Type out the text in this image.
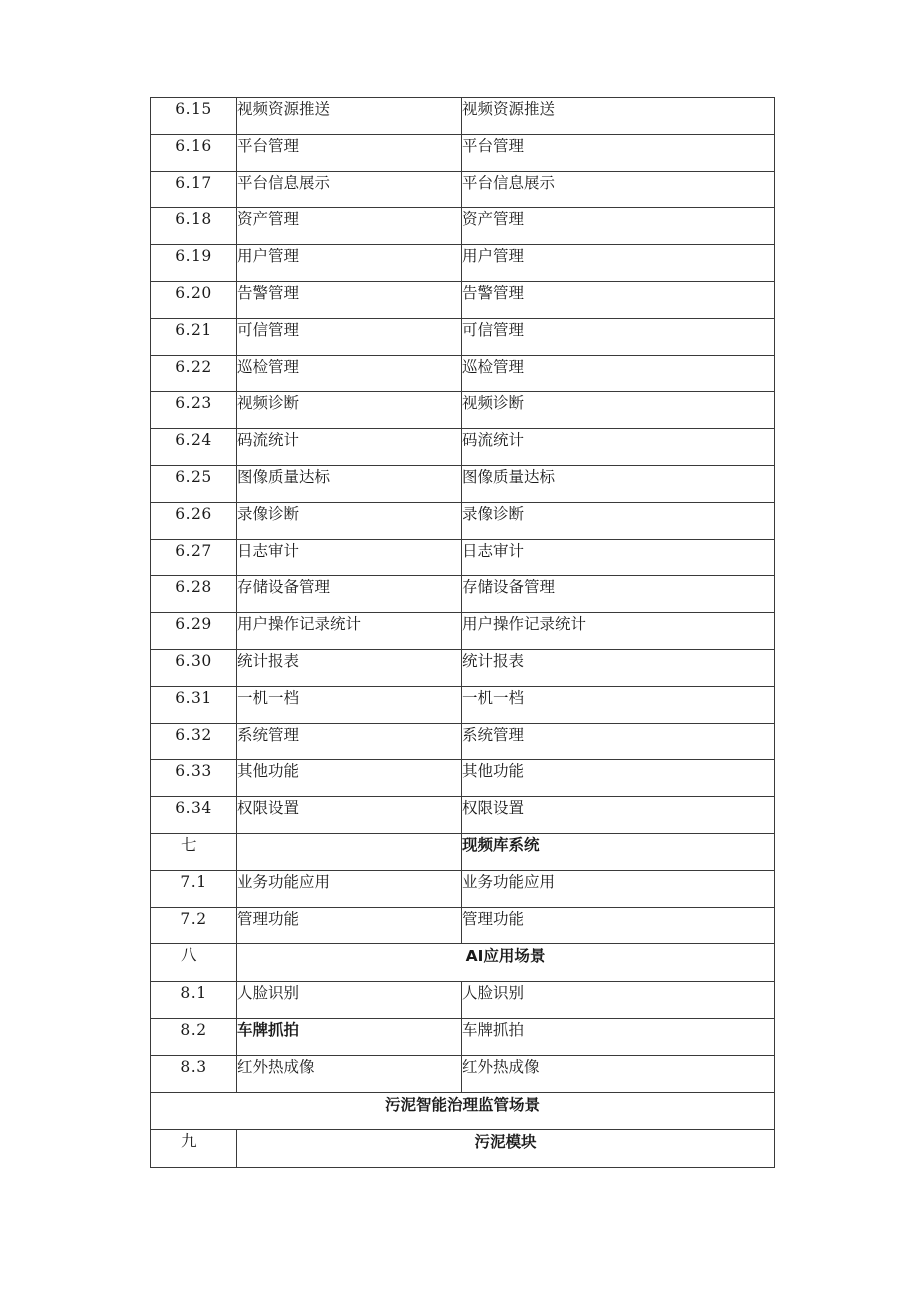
6.15	视频资源推送	视频资源推送
6.16	平台管理	平台管理
6.17	平台信息展示	平台信息展示
6.18	资产管理	资产管理
6.19	用户管理	用户管理
6.20	告警管理	告警管理
6.21	可信管理	可信管理
6.22	巡检管理	巡检管理
6.23	视频诊断	视频诊断
6.24	码流统计	码流统计
6.25	图像质量达标	图像质量达标
6.26	录像诊断	录像诊断
6.27	日志审计	日志审计
6.28	存储设备管理	存储设备管理
6.29	用户操作记录统计	用户操作记录统计
6.30	统计报表	统计报表
6.31	一机一档	一机一档
6.32	系统管理	系统管理
6.33	其他功能	其他功能
6.34	权限设置	权限设置
七		现频库系统
7.1	业务功能应用	业务功能应用
7.2	管理功能	管理功能
八	AI应用场景	
8.1	人脸识别	人脸识别
8.2	车牌抓拍	车牌抓拍
8.3	红外热成像	红外热成像
污泥智能治理监管场景		
九	污泥模块	
